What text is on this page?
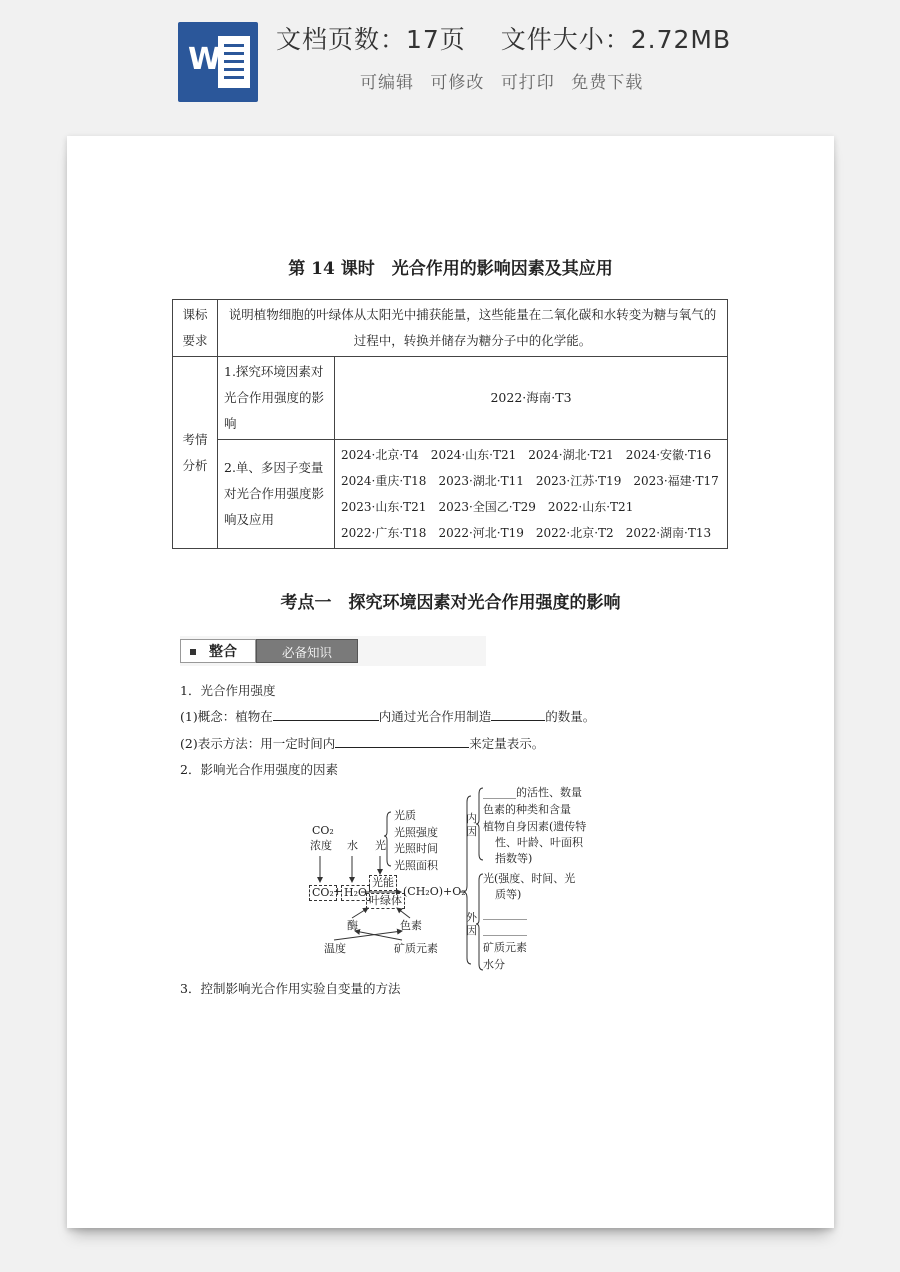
W
文档页数：17页　 文件大小：2.72MB
可编辑 可修改 可打印 免费下载
第 14 课时　光合作用的影响因素及其应用
课标
要求	说明植物细胞的叶绿体从太阳光中捕获能量，这些能量在二氧化碳和水转变为糖与氧气的过程中，转换并储存为糖分子中的化学能。	
考情
分析	1.探究环境因素对光合作用强度的影响	2022·海南·T3
	2.单、多因子变量对光合作用强度影响及应用	2024·北京·T4　2024·山东·T21　2024·湖北·T21　2024·安徽·T16
2024·重庆·T18　2023·湖北·T11　2023·江苏·T19　2023·福建·T17
2023·山东·T21　2023·全国乙·T29　2022·山东·T21
2022·广东·T18　2022·河北·T19　2022·北京·T2　2022·湖南·T13
考点一　探究环境因素对光合作用强度的影响
整合	必备知识
1．光合作用强度
(1)概念：植物在	内通过光合作用制造	的数量。
(2)表示方法：用一定时间内	来定量表示。
2．影响光合作用强度的因素
CO₂
浓度 水 光
光质
光照强度
光照时间
光照面积
CO₂ + H₂O
光能
叶绿体
(CH₂O)+O₂
酶	色素
温度	矿质元素
内因
______的活性、数量
色素的种类和含量
植物自身因素(遗传特
性、叶龄、叶面积
指数等)
外因
光(强度、时间、光
质等)
________
________
矿质元素
水分
3．控制影响光合作用实验自变量的方法
